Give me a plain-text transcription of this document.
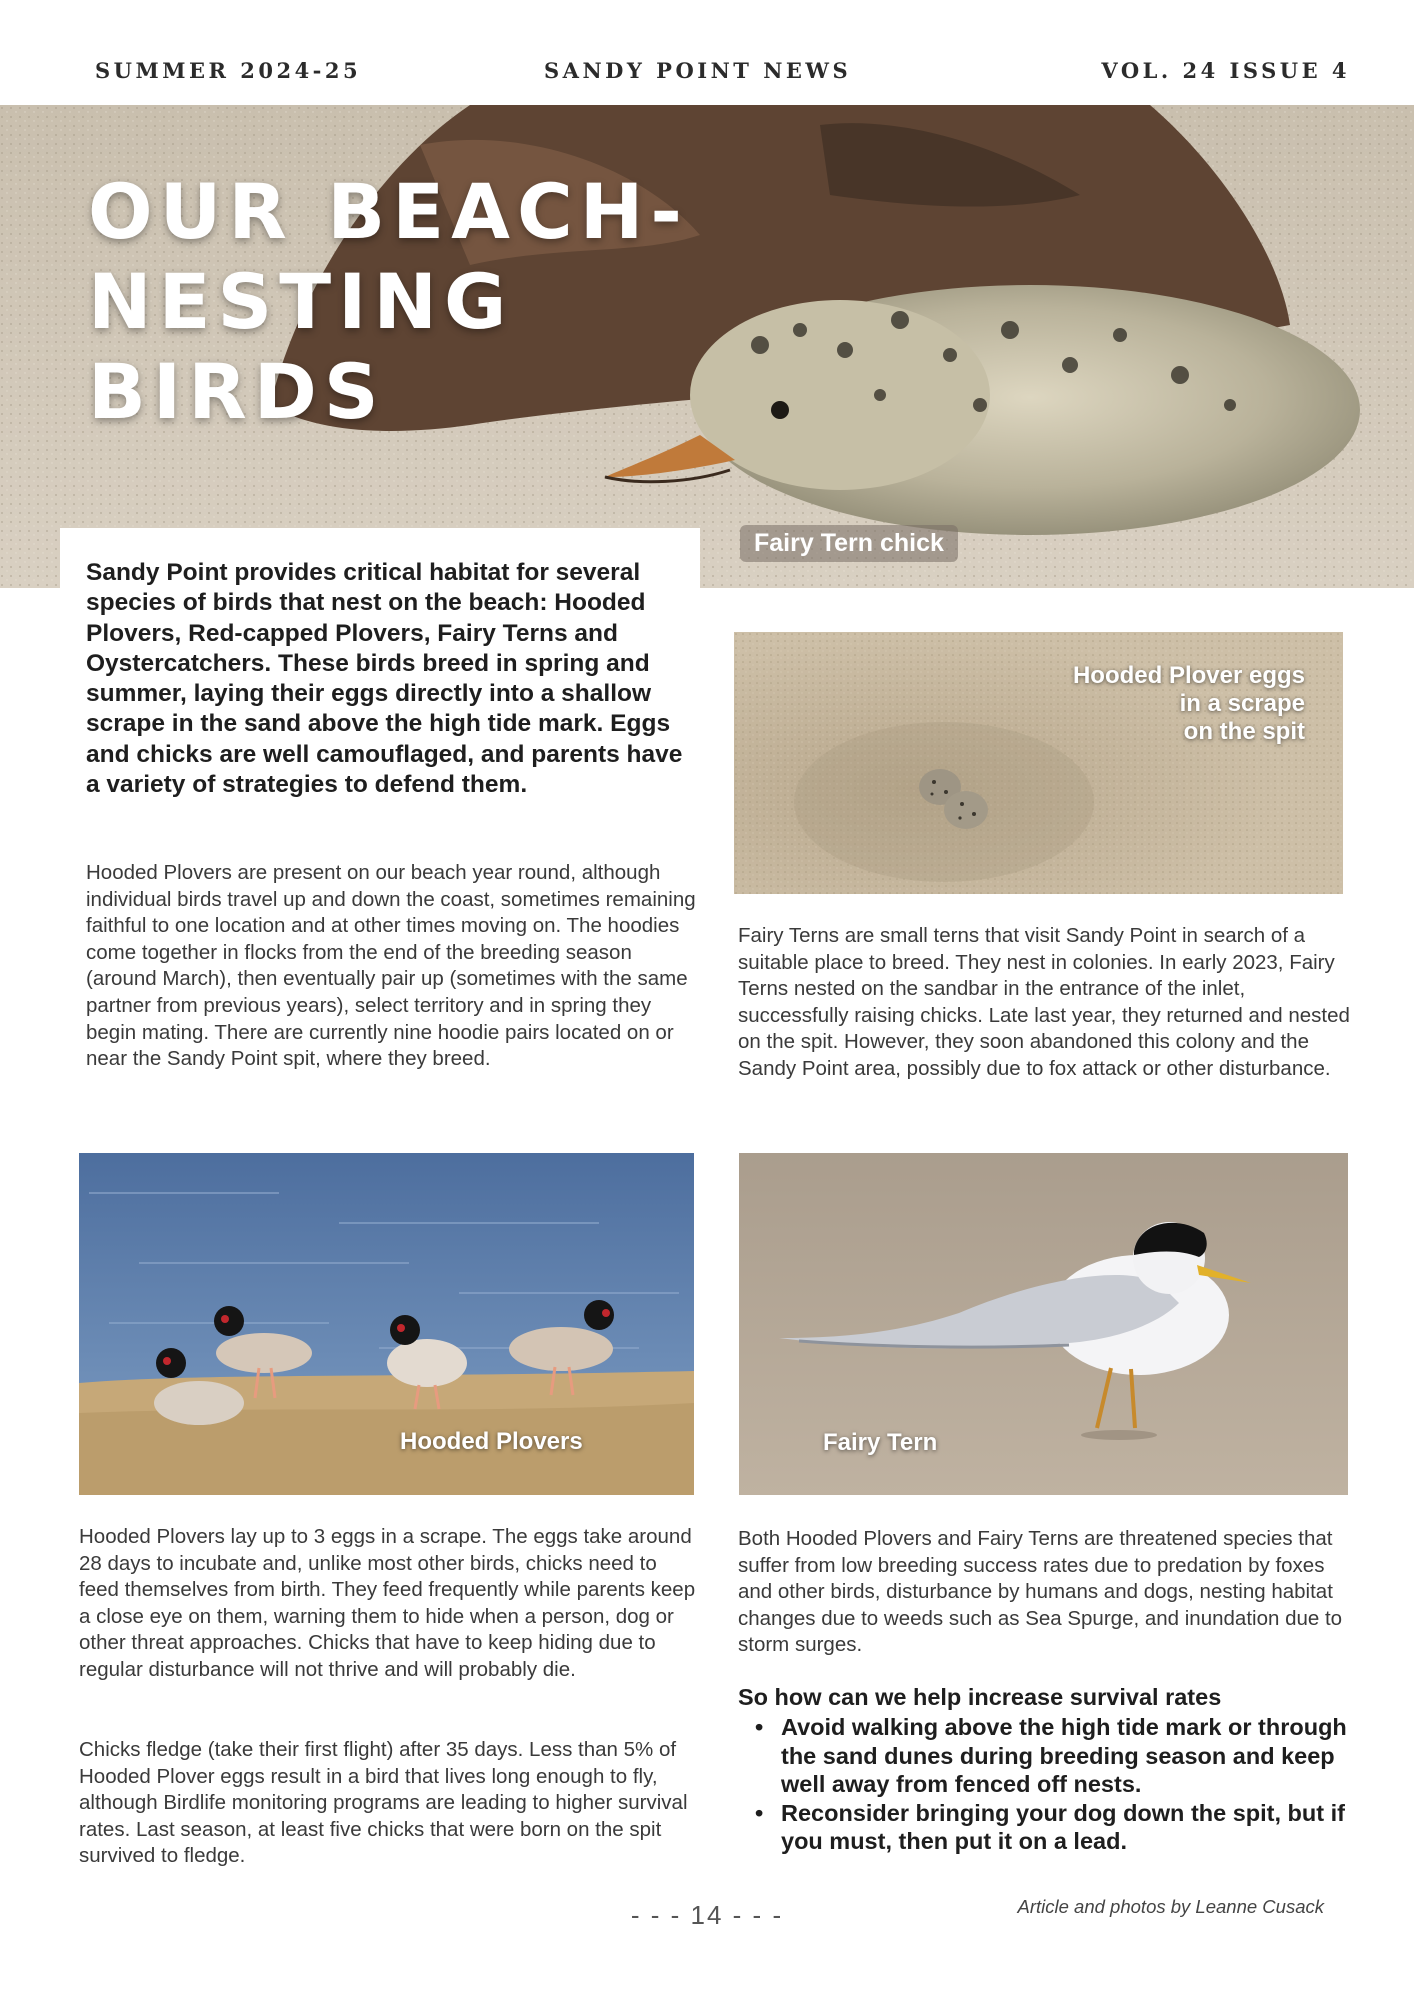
SUMMER 2024-25	SANDY POINT NEWS	VOL. 24 ISSUE 4
OUR BEACH-NESTING
BIRDS
Fairy Tern chick

Sandy Point provides critical habitat for several species of birds that nest on the beach: Hooded Plovers, Red-capped Plovers, Fairy Terns and Oystercatchers. These birds breed in spring and summer, laying their eggs directly into a shallow scrape in the sand above the high tide mark. Eggs and chicks are well camouflaged, and parents have a variety of strategies to defend them.

Hooded Plovers are present on our beach year round, although individual birds travel up and down the coast, sometimes remaining faithful to one location and at other times moving on. The hoodies come together in flocks from the end of the breeding season (around March), then eventually pair up (sometimes with the same partner from previous years), select territory and in spring they begin mating. There are currently nine hoodie pairs located on or near the Sandy Point spit, where they breed.

Hooded Plover eggs
in a scrape
on the spit

Fairy Terns are small terns that visit Sandy Point in search of a suitable place to breed. They nest in colonies. In early 2023, Fairy Terns nested on the sandbar in the entrance of the inlet, successfully raising chicks. Late last year, they returned and nested on the spit. However, they soon abandoned this colony and the Sandy Point area, possibly due to fox attack or other disturbance.

Hooded Plovers	Fairy Tern

Hooded Plovers lay up to 3 eggs in a scrape. The eggs take around 28 days to incubate and, unlike most other birds, chicks need to feed themselves from birth. They feed frequently while parents keep a close eye on them, warning them to hide when a person, dog or other threat approaches. Chicks that have to keep hiding due to regular disturbance will not thrive and will probably die.

Chicks fledge (take their first flight) after 35 days. Less than 5% of Hooded Plover eggs result in a bird that lives long enough to fly, although Birdlife monitoring programs are leading to higher survival rates. Last season, at least five chicks that were born on the spit survived to fledge.

Both Hooded Plovers and Fairy Terns are threatened species that suffer from low breeding success rates due to predation by foxes and other birds, disturbance by humans and dogs, nesting habitat changes due to weeds such as Sea Spurge, and inundation due to storm surges.

So how can we help increase survival rates
• Avoid walking above the high tide mark or through the sand dunes during breeding season and keep well away from fenced off nests.
• Reconsider bringing your dog down the spit, but if you must, then put it on a lead.
Article and photos by Leanne Cusack
- - - 14 - - -
